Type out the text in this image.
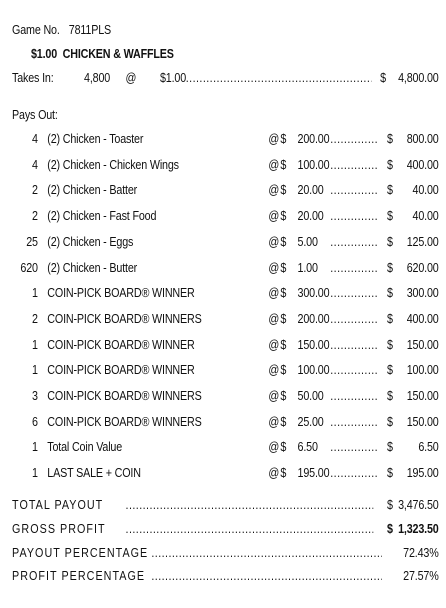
Game No. 7811PLS
$1.00  CHICKEN & WAFFLES
Takes In:	4,800 @ $1.00 .....	$ 4,800.00
Pays Out:
4 (2) Chicken - Toaster	@ $ 200.00 .....	$	800.00
4 (2) Chicken - Chicken Wings	@ $ 100.00 .....	$	400.00
2 (2) Chicken - Batter	@ $ 20.00 .....	$	40.00
2 (2) Chicken - Fast Food	@ $ 20.00 .....	$	40.00
25 (2) Chicken - Eggs	@ $ 5.00 .....	$	125.00
620 (2) Chicken - Butter	@ $ 1.00 .....	$	620.00
1 COIN-PICK BOARD® WINNER	@ $ 300.00 .....	$	300.00
2 COIN-PICK BOARD® WINNERS	@ $ 200.00 .....	$	400.00
1 COIN-PICK BOARD® WINNER	@ $ 150.00 .....	$	150.00
1 COIN-PICK BOARD® WINNER	@ $ 100.00 .....	$	100.00
3 COIN-PICK BOARD® WINNERS	@ $ 50.00 .....	$	150.00
6 COIN-PICK BOARD® WINNERS	@ $ 25.00 .....	$	150.00
1 Total Coin Value	@ $ 6.50 .....	$	6.50
1 LAST SALE + COIN	@ $ 195.00 .....	$	195.00
TOTAL PAYOUT .....	$ 3,476.50
GROSS PROFIT .....	$ 1,323.50
PAYOUT PERCENTAGE .....	72.43%
PROFIT PERCENTAGE .....	27.57%
